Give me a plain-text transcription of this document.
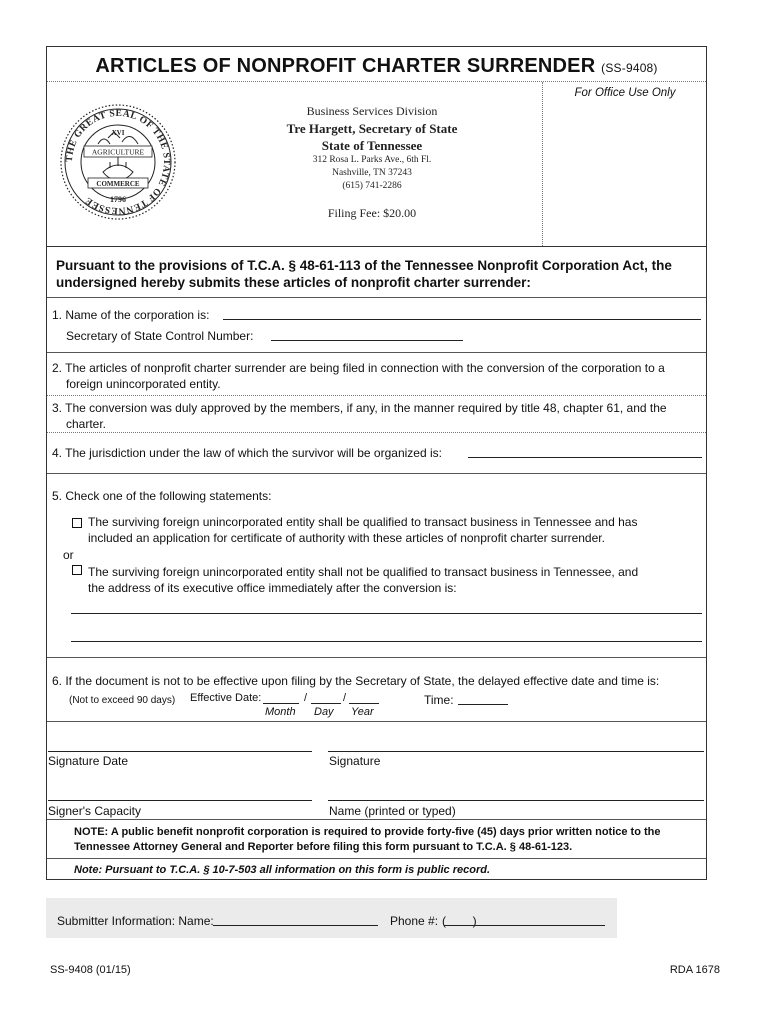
ARTICLES OF NONPROFIT CHARTER SURRENDER (SS-9408)
For Office Use Only
THE GREAT SEAL OF THE STATE OF TENNESSEE
XVI
AGRICULTURE
COMMERCE
1796
Business Services Division
Tre Hargett, Secretary of State
State of Tennessee
312 Rosa L. Parks Ave., 6th Fl.
Nashville, TN 37243
(615) 741-2286
Filing Fee: $20.00
Pursuant to the provisions of T.C.A. § 48-61-113 of the Tennessee Nonprofit Corporation Act, the undersigned hereby submits these articles of nonprofit charter surrender:
1. Name of the corporation is:
Secretary of State Control Number:
2. The articles of nonprofit charter surrender are being filed in connection with the conversion of the corporation to a
foreign unincorporated entity.
3. The conversion was duly approved by the members, if any, in the manner required by title 48, chapter 61, and the
charter.
4. The jurisdiction under the law of which the survivor will be organized is:
5. Check one of the following statements:
The surviving foreign unincorporated entity shall be qualified to transact business in Tennessee and has
included an application for certificate of authority with these articles of nonprofit charter surrender.
or
The surviving foreign unincorporated entity shall not be qualified to transact business in Tennessee, and
the address of its executive office immediately after the conversion is:
6. If the document is not to be effective upon filing by the Secretary of State, the delayed effective date and time is:
(Not to exceed 90 days) Effective Date:	/	/
Month Day Year
Time:
Signature Date	Signature
Signer's Capacity	Name (printed or typed)
NOTE: A public benefit nonprofit corporation is required to provide forty-five (45) days prior written notice to the
Tennessee Attorney General and Reporter before filing this form pursuant to T.C.A. § 48-61-123.
Note: Pursuant to T.C.A. § 10-7-503 all information on this form is public record.
Submitter Information: Name:	Phone #: (        )
SS-9408 (01/15)	RDA 1678
